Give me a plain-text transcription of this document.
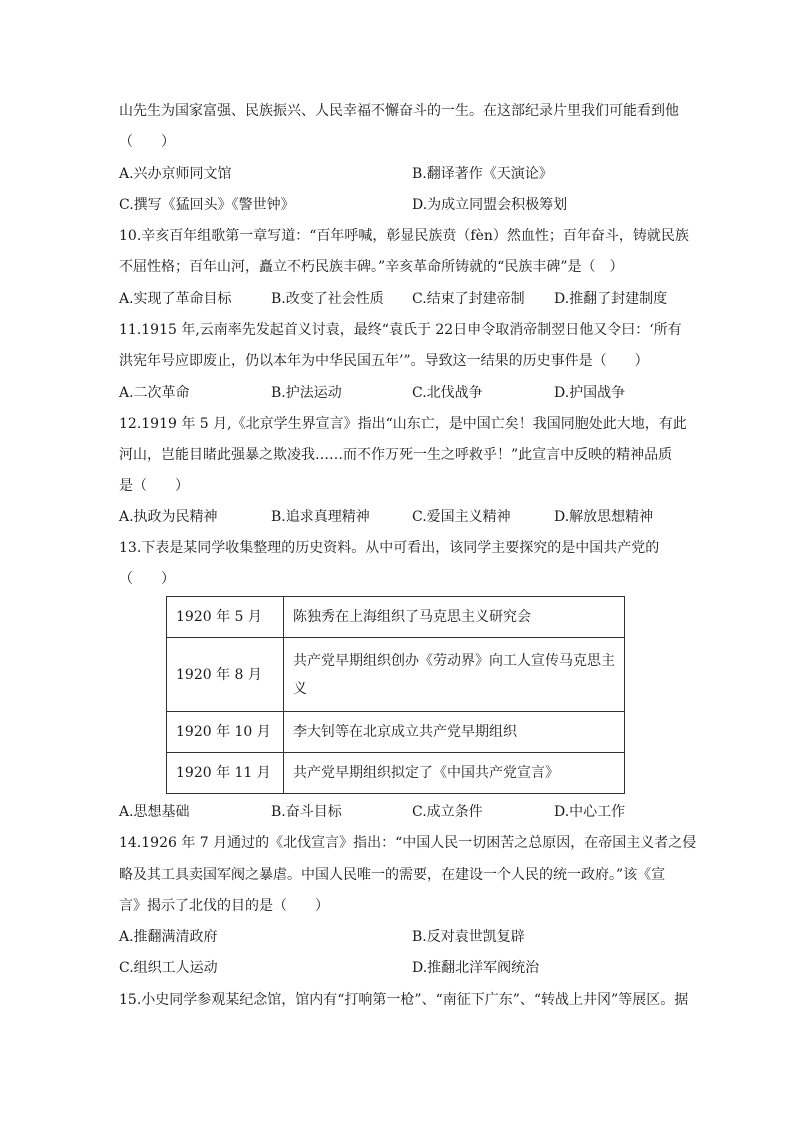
山先生为国家富强、民族振兴、人民幸福不懈奋斗的一生。在这部纪录片里我们可能看到他
（　　）
A.兴办京师同文馆	B.翻译著作《天演论》
C.撰写《猛回头》《警世钟》	D.为成立同盟会积极筹划
10.辛亥百年组歌第一章写道：“百年呼喊，彰显民族贲（fèn）然血性；百年奋斗，铸就民族
不屈性格；百年山河，矗立不朽民族丰碑。”辛亥革命所铸就的“民族丰碑”是（　）
A.实现了革命目标	B.改变了社会性质 C.结束了封建帝制 D.推翻了封建制度
11.1915 年,云南率先发起首义讨袁，最终“袁氏于 22日申令取消帝制翌日他又令曰：‘所有
洪宪年号应即废止，仍以本年为中华民国五年’”。导致这一结果的历史事件是（　　）
A.二次革命	B.护法运动	C.北伐战争	D.护国战争
12.1919 年 5 月,《北京学生界宣言》指出“山东亡，是中国亡矣！我国同胞处此大地，有此
河山，岂能目睹此强暴之欺凌我……而不作万死一生之呼救乎！”此宣言中反映的精神品质
是（　　）
A.执政为民精神	B.追求真理精神	C.爱国主义精神	D.解放思想精神
13.下表是某同学收集整理的历史资料。从中可看出，该同学主要探究的是中国共产党的
（　　）
1920 年 5 月	陈独秀在上海组织了马克思主义研究会
1920 年 8 月	共产党早期组织创办《劳动界》向工人宣传马克思主义
1920 年 10 月	李大钊等在北京成立共产党早期组织
1920 年 11 月	共产党早期组织拟定了《中国共产党宣言》
A.思想基础	B.奋斗目标	C.成立条件	D.中心工作
14.1926 年 7 月通过的《北伐宣言》指出：“中国人民一切困苦之总原因，在帝国主义者之侵
略及其工具卖国军阀之暴虐。中国人民唯一的需要，在建设一个人民的统一政府。”该《宣
言》揭示了北伐的目的是（　　）
A.推翻满清政府	B.反对袁世凯复辟
C.组织工人运动	D.推翻北洋军阀统治
15.小史同学参观某纪念馆，馆内有“打响第一枪”、“南征下广东”、“转战上井冈”等展区。据
